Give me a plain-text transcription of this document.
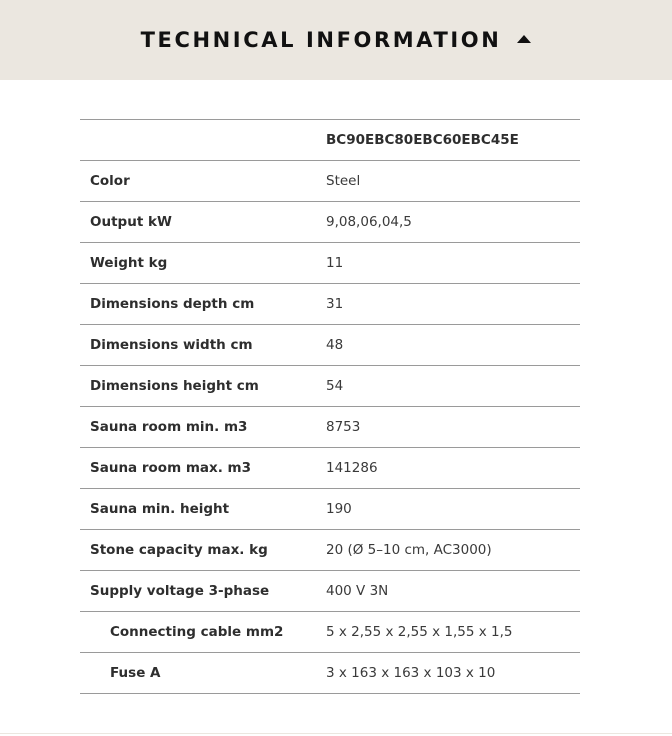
TECHNICAL INFORMATION
BC90EBC80EBC60EBC45E
Color	Steel
Output kW	9,08,06,04,5
Weight kg	11
Dimensions depth cm	31
Dimensions width cm	48
Dimensions height cm	54
Sauna room min. m3	8753
Sauna room max. m3	141286
Sauna min. height	190
Stone capacity max. kg	20 (Ø 5–10 cm, AC3000)
Supply voltage 3-phase	400 V 3N
Connecting cable mm2	5 x 2,55 x 2,55 x 1,55 x 1,5
Fuse A	3 x 163 x 163 x 103 x 10
